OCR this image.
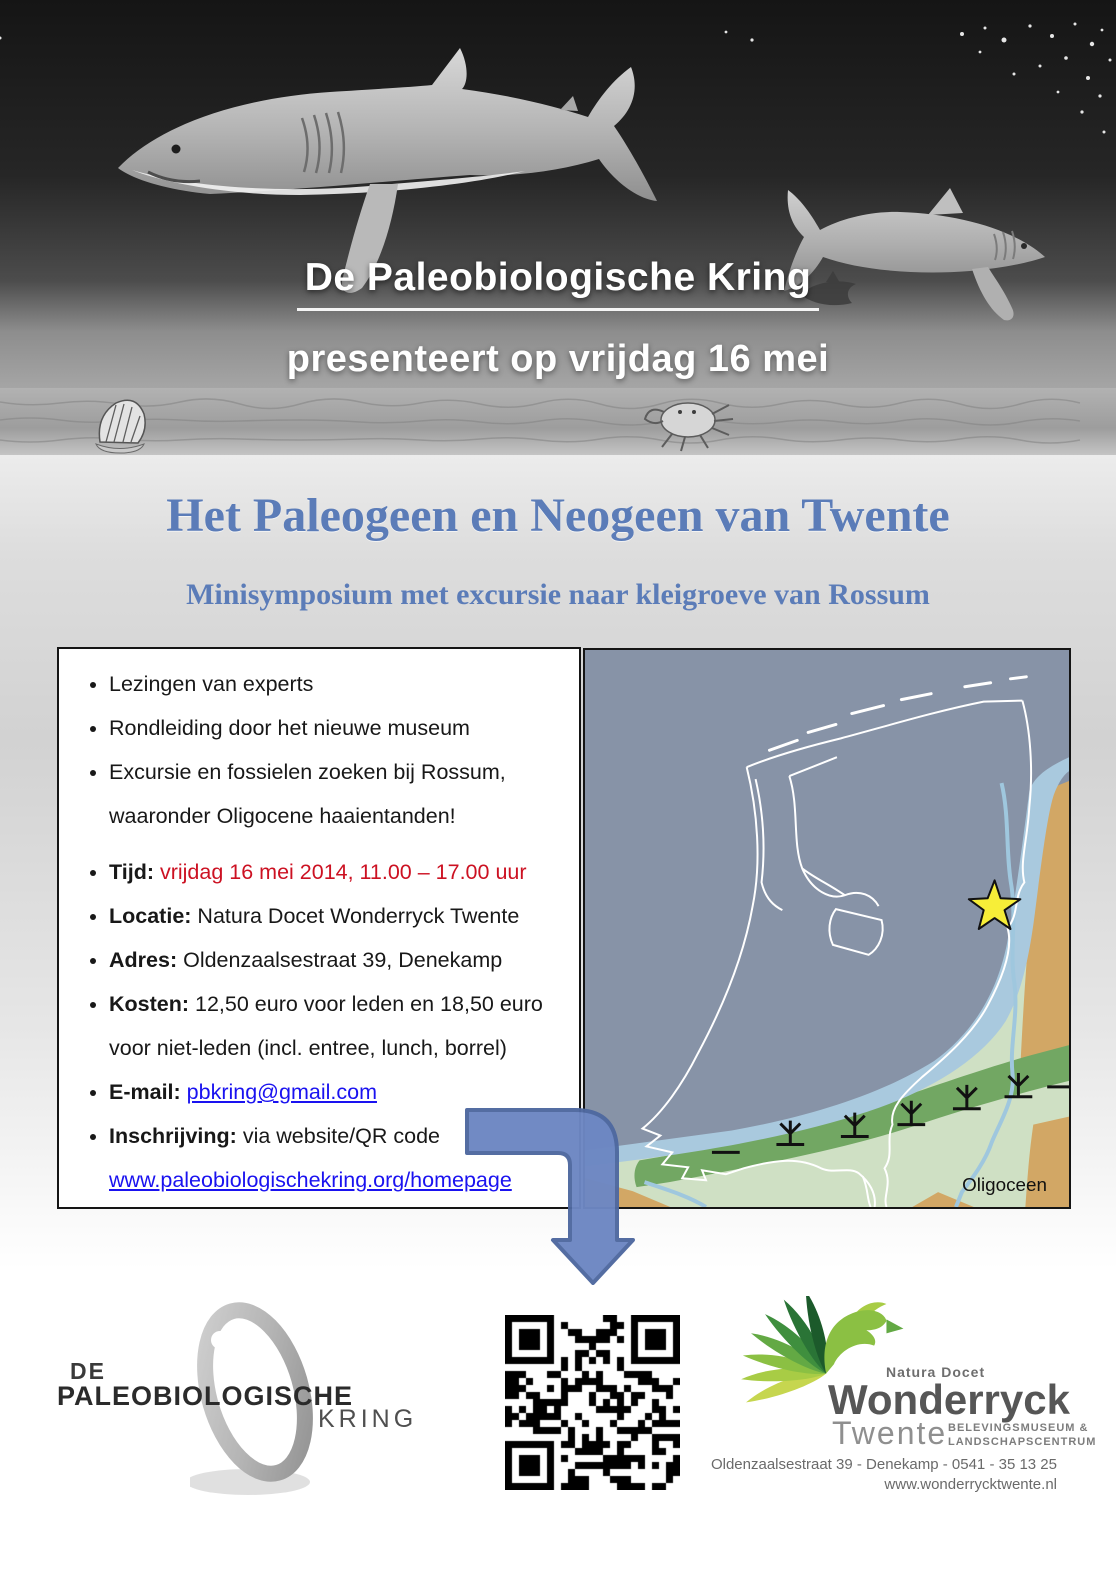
De Paleobiologische Kring
presenteert op vrijdag 16 mei
Het Paleogeen en Neogeen van Twente
Minisymposium met excursie naar kleigroeve van Rossum
• Lezingen van experts
• Rondleiding door het nieuwe museum
• Excursie en fossielen zoeken bij Rossum, waaronder Oligocene haaientanden!
• Tijd: vrijdag 16 mei 2014, 11.00 – 17.00 uur
• Locatie: Natura Docet Wonderryck Twente
• Adres: Oldenzaalsestraat 39, Denekamp
• Kosten: 12,50 euro voor leden en 18,50 euro voor niet-leden (incl. entree, lunch, borrel)
• E-mail: pbkring@gmail.com
• Inschrijving: via website/QR code
www.paleobiologischekring.org/homepage	Oligoceen
DE
PALEOBIOLOGISCHE
KRING
Natura Docet
Wonderryck
Twente BELEVINGSMUSEUM &
LANDSCHAPSCENTRUM
Oldenzaalsestraat 39 - Denekamp - 0541 - 35 13 25
www.wonderrycktwente.nl
